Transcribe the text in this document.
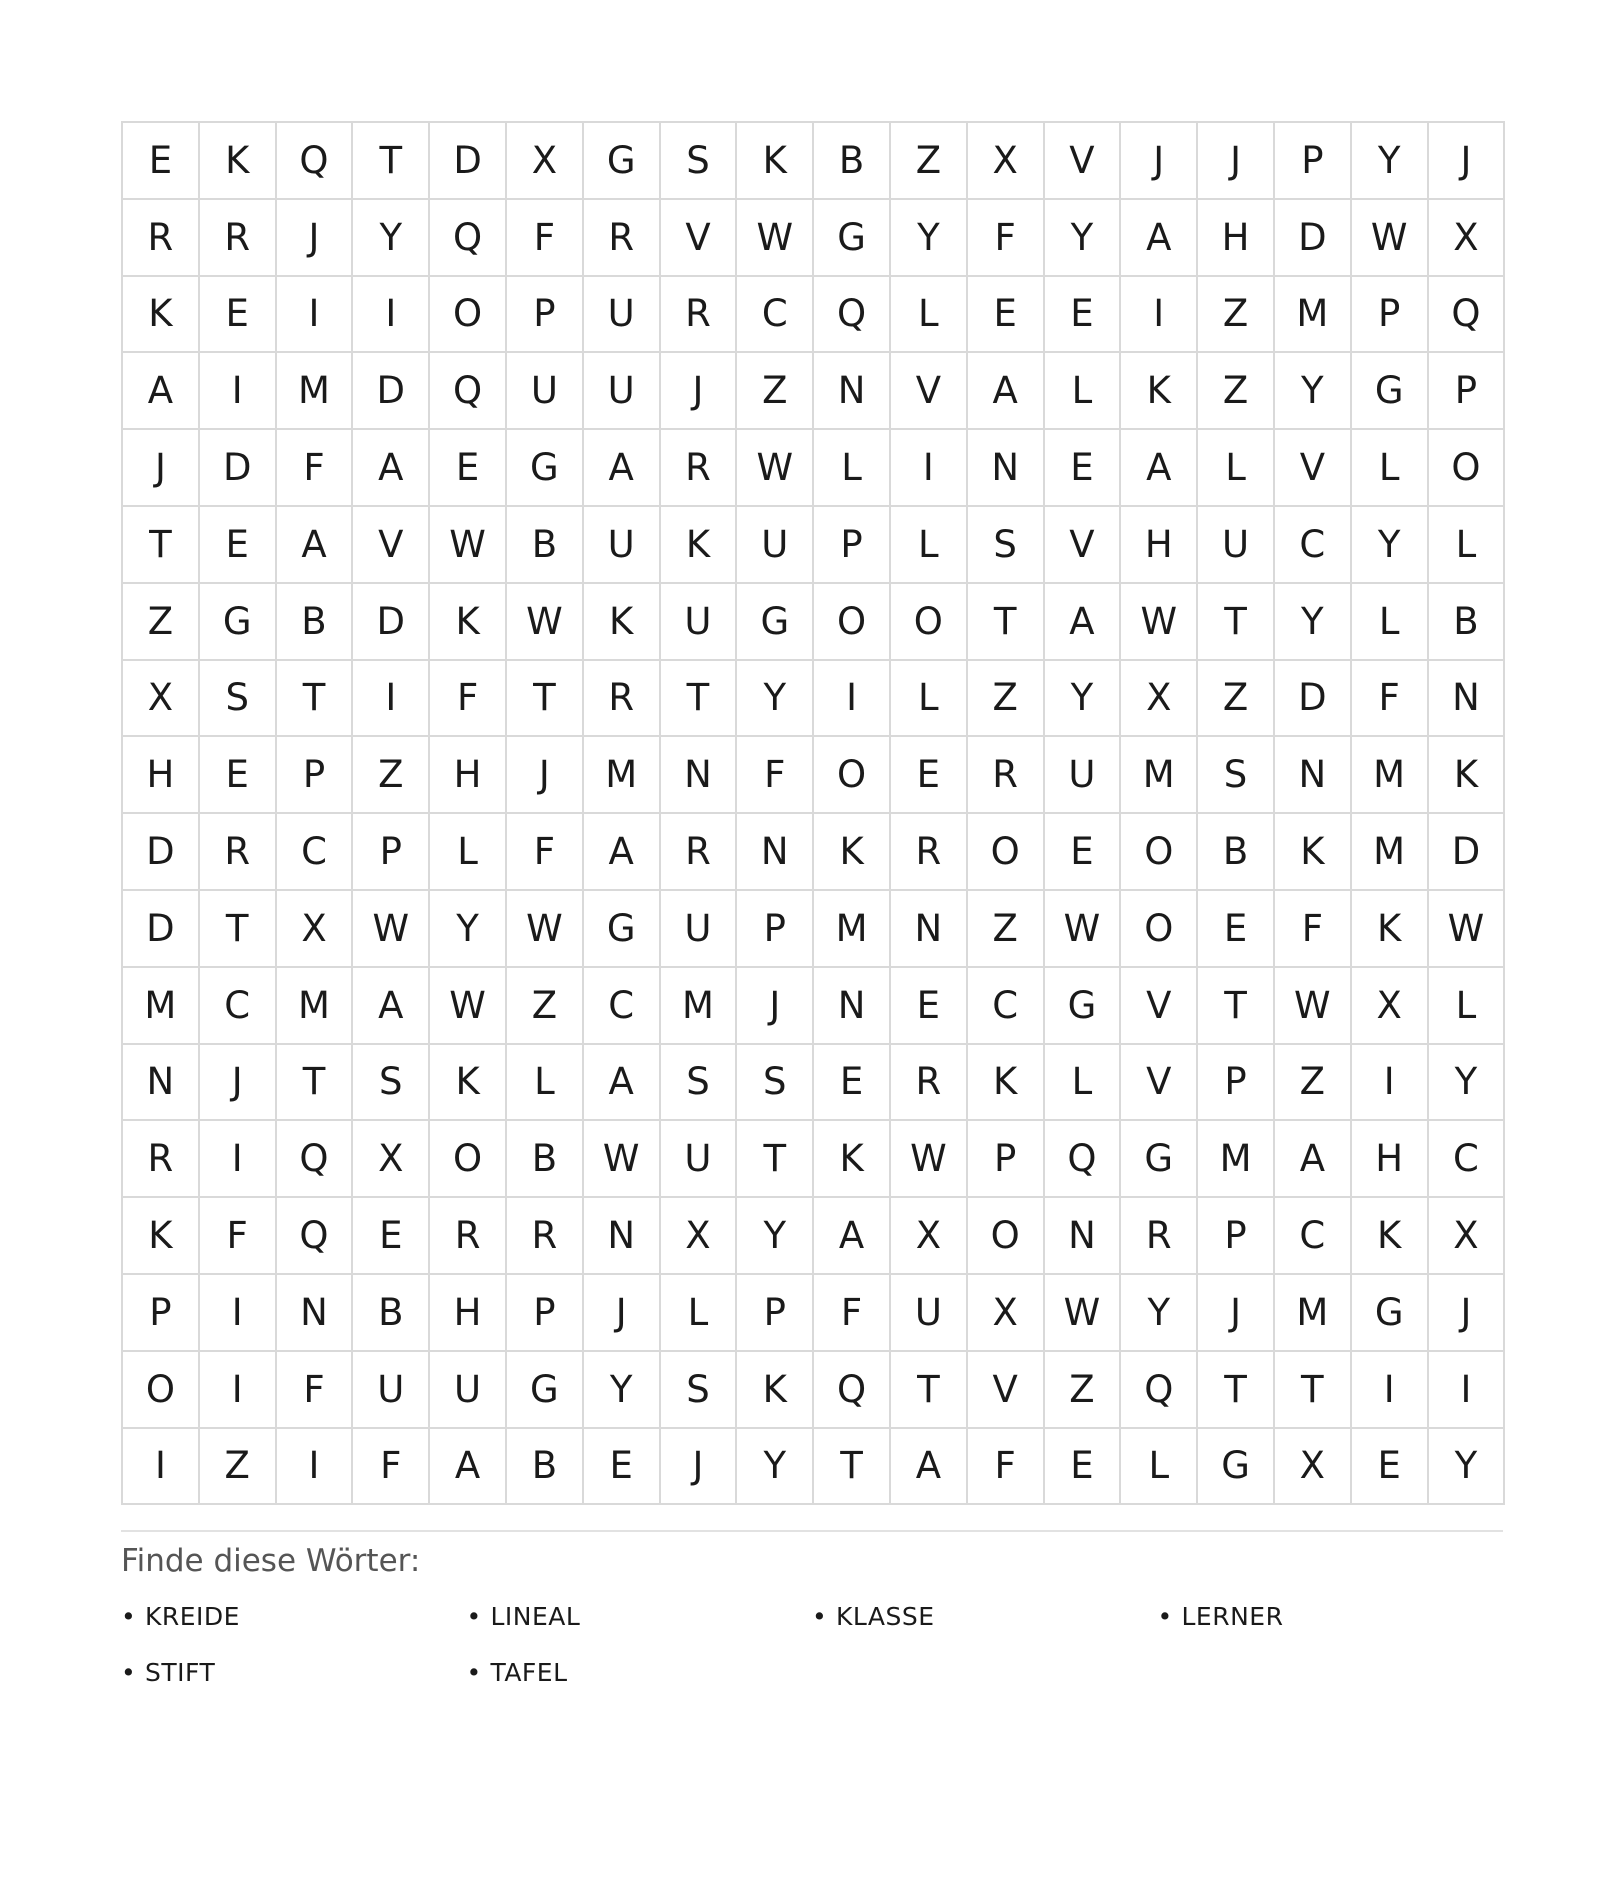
E	K	Q	T	D	X	G	S	K	B	Z	X	V	J	J	P	Y	J
R	R	J	Y	Q	F	R	V	W	G	Y	F	Y	A	H	D	W	X
K	E	I	I	O	P	U	R	C	Q	L	E	E	I	Z	M	P	Q
A	I	M	D	Q	U	U	J	Z	N	V	A	L	K	Z	Y	G	P
J	D	F	A	E	G	A	R	W	L	I	N	E	A	L	V	L	O
T	E	A	V	W	B	U	K	U	P	L	S	V	H	U	C	Y	L
Z	G	B	D	K	W	K	U	G	O	O	T	A	W	T	Y	L	B
X	S	T	I	F	T	R	T	Y	I	L	Z	Y	X	Z	D	F	N
H	E	P	Z	H	J	M	N	F	O	E	R	U	M	S	N	M	K
D	R	C	P	L	F	A	R	N	K	R	O	E	O	B	K	M	D
D	T	X	W	Y	W	G	U	P	M	N	Z	W	O	E	F	K	W
M	C	M	A	W	Z	C	M	J	N	E	C	G	V	T	W	X	L
N	J	T	S	K	L	A	S	S	E	R	K	L	V	P	Z	I	Y
R	I	Q	X	O	B	W	U	T	K	W	P	Q	G	M	A	H	C
K	F	Q	E	R	R	N	X	Y	A	X	O	N	R	P	C	K	X
P	I	N	B	H	P	J	L	P	F	U	X	W	Y	J	M	G	J
O	I	F	U	U	G	Y	S	K	Q	T	V	Z	Q	T	T	I	I
I	Z	I	F	A	B	E	J	Y	T	A	F	E	L	G	X	E	Y
Finde diese Wörter:
• KREIDE	• LINEAL	• KLASSE	• LERNER
• STIFT	• TAFEL
